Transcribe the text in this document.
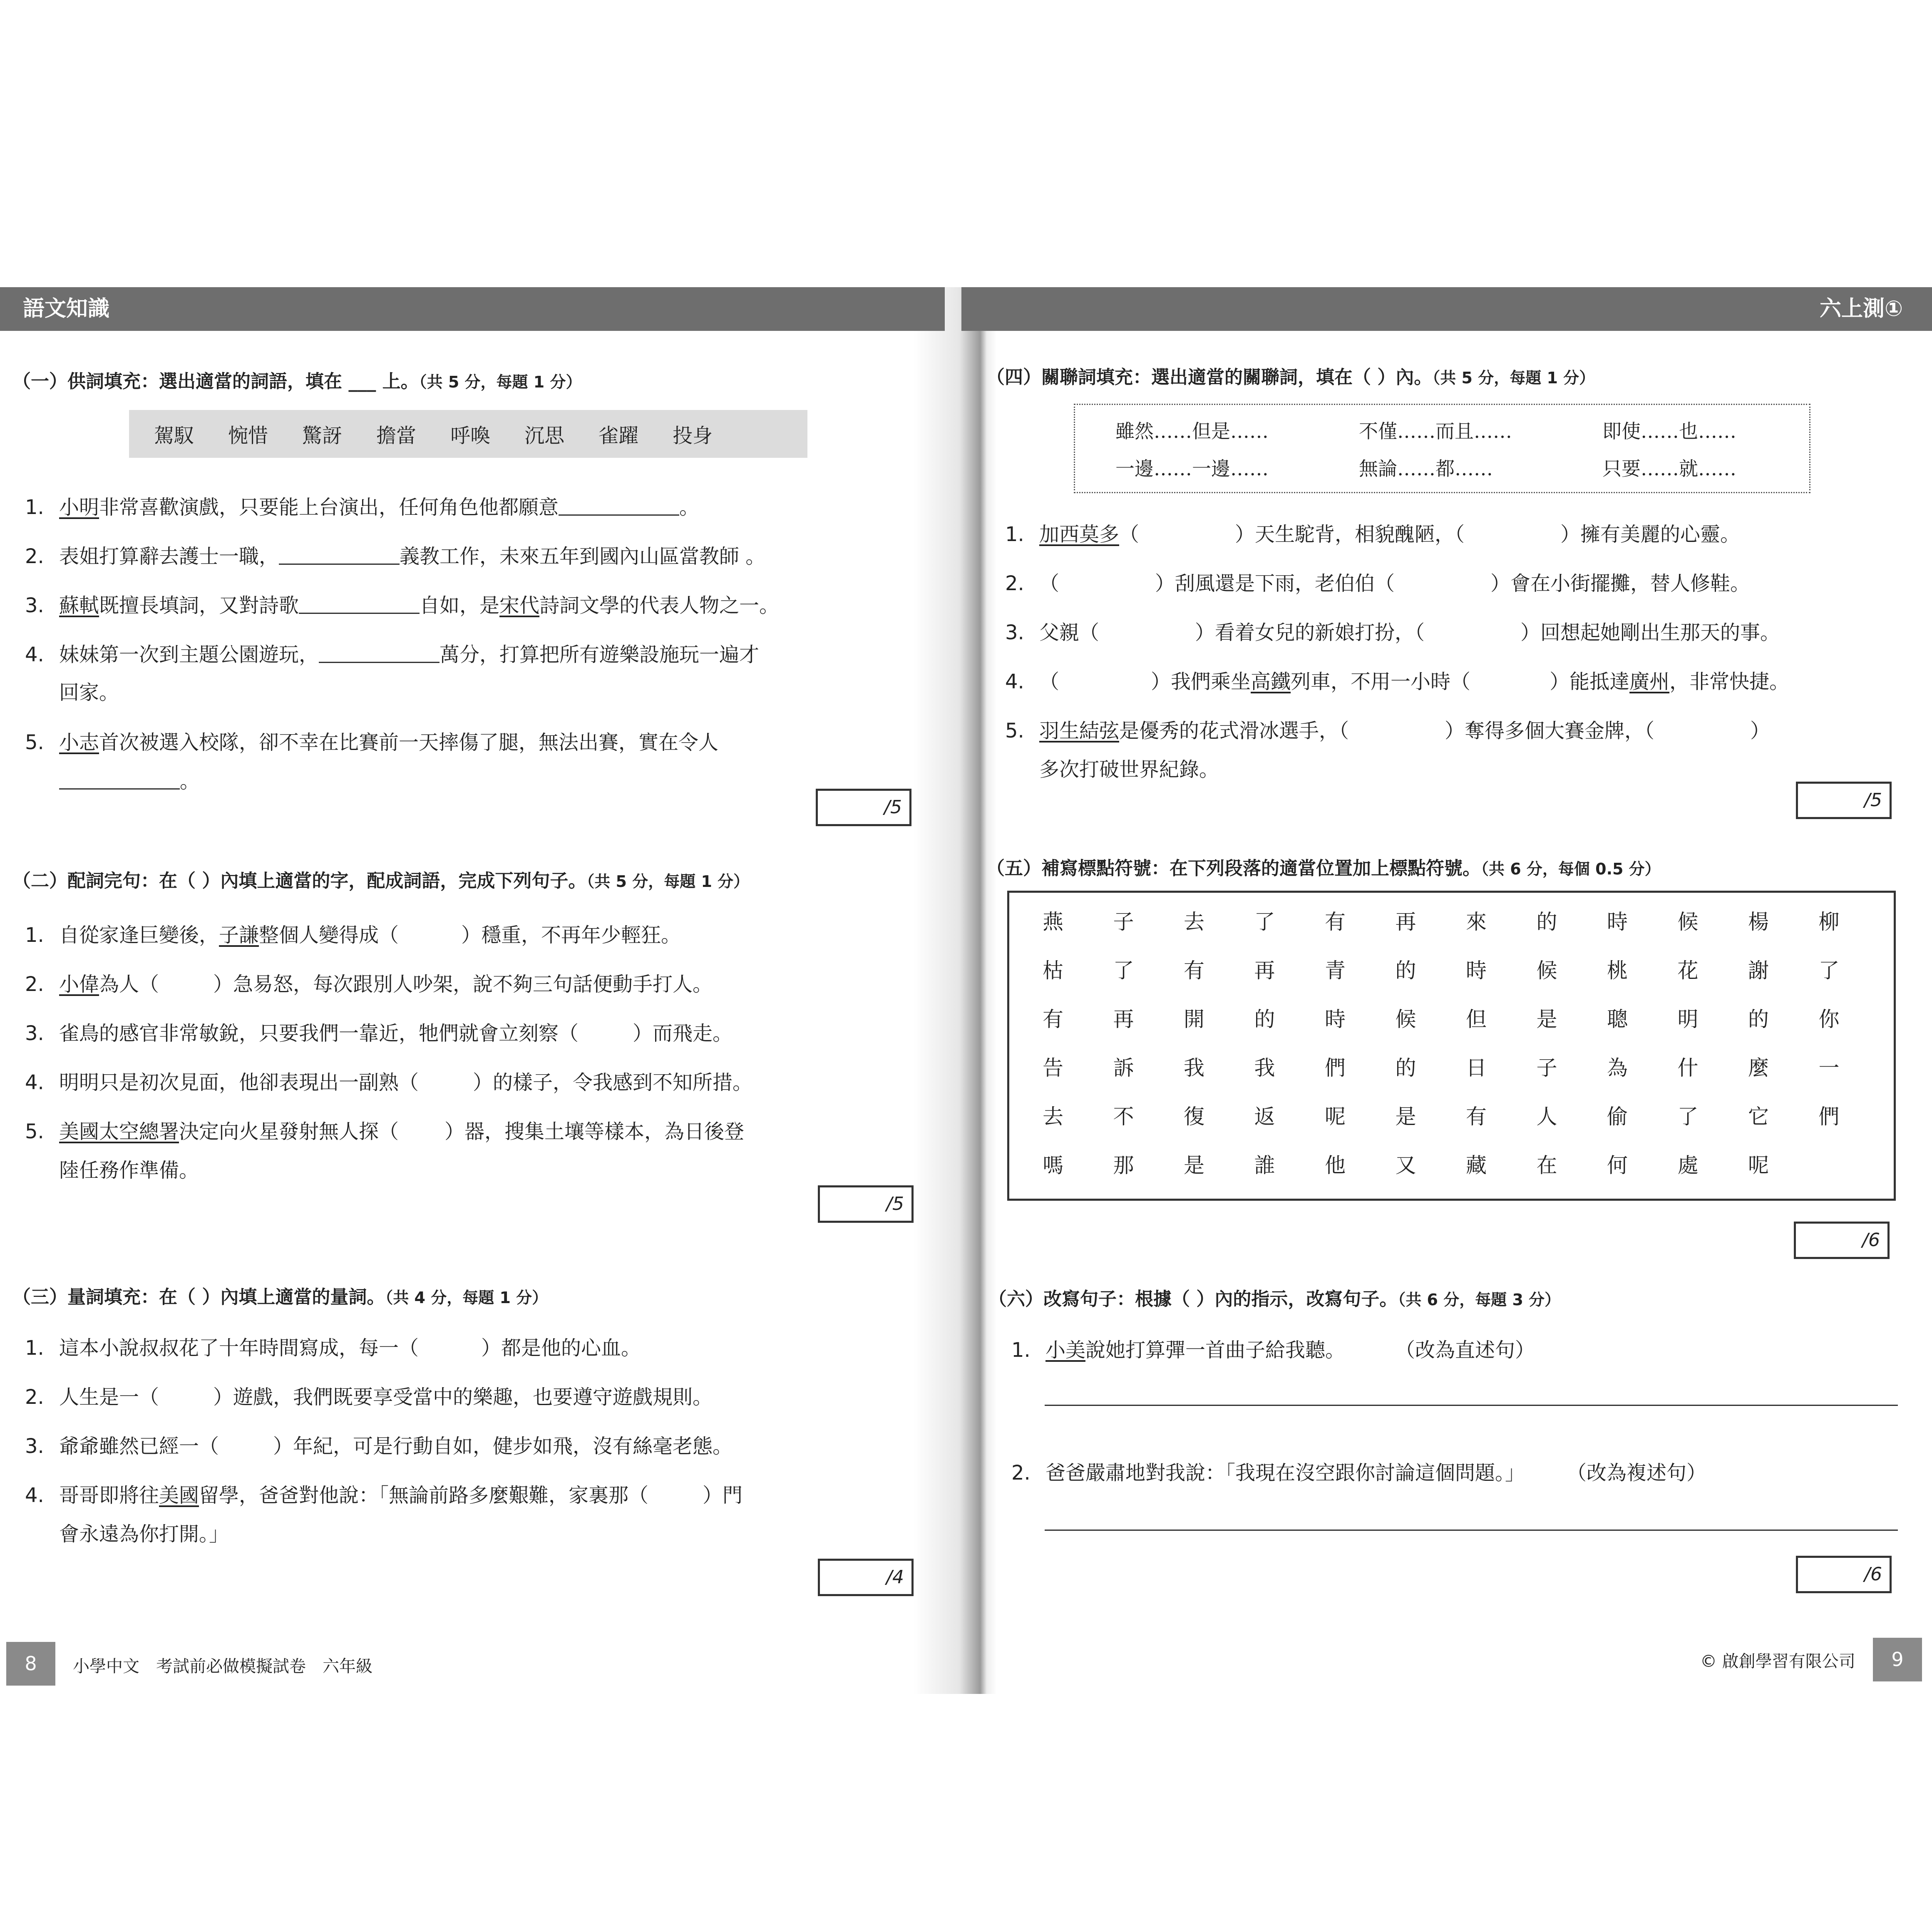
語文知識	六上測①
（一）供詞填充：選出適當的詞語，填在 ___ 上。（共 5 分，每題 1 分）
駕馭 惋惜 驚訝 擔當 呼喚 沉思 雀躍 投身
1. 小明非常喜歡演戲，只要能上台演出，任何角色他都願意	。
2. 表姐打算辭去護士一職，	義教工作，未來五年到國內山區當教師 。
3. 蘇軾既擅長填詞，又對詩歌	自如，是宋代詩詞文學的代表人物之一。
4. 妹妹第一次到主題公園遊玩，	萬分，打算把所有遊樂設施玩一遍才
回家。
5. 小志首次被選入校隊，卻不幸在比賽前一天摔傷了腿，無法出賽，實在令人
。
/5
（二）配詞完句：在（ ）內填上適當的字，配成詞語，完成下列句子。（共 5 分，每題 1 分）
1. 自從家逢巨變後，子謙整個人變得成（	）穩重，不再年少輕狂。
2. 小偉為人（	）急易怒，每次跟別人吵架，說不夠三句話便動手打人。
3. 雀鳥的感官非常敏銳，只要我們一靠近，牠們就會立刻察（	）而飛走。
4. 明明只是初次見面，他卻表現出一副熟（	）的樣子，令我感到不知所措。
5. 美國太空總署決定向火星發射無人探（ ）器，搜集土壤等樣本，為日後登
陸任務作準備。
/5
（三）量詞填充：在（ ）內填上適當的量詞。（共 4 分，每題 1 分）
1. 這本小說叔叔花了十年時間寫成，每一（	）都是他的心血。
2. 人生是一（	）遊戲，我們既要享受當中的樂趣，也要遵守遊戲規則。
3. 爺爺雖然已經一（	）年紀，可是行動自如，健步如飛，沒有絲毫老態。
4. 哥哥即將往美國留學，爸爸對他說：「無論前路多麼艱難，家裏那（	）門
會永遠為你打開。」
/4
8	小學中文　考試前必做模擬試卷　六年級
（四）關聯詞填充：選出適當的關聯詞，填在（ ）內。（共 5 分，每題 1 分）
雖然……但是……	不僅……而且……	即使……也……
一邊……一邊……	無論……都……	只要……就……
1. 加西莫多（	）天生駝背，相貌醜陋，（	）擁有美麗的心靈。
2. （	）刮風還是下雨，老伯伯（	）會在小街擺攤，替人修鞋。
3. 父親（	）看着女兒的新娘打扮，（	）回想起她剛出生那天的事。
4. （	）我們乘坐高鐵列車，不用一小時（	）能抵達廣州，非常快捷。
5. 羽生結弦是優秀的花式滑冰選手，（	）奪得多個大賽金牌，（	）
多次打破世界紀錄。
/5
（五）補寫標點符號：在下列段落的適當位置加上標點符號。（共 6 分，每個 0.5 分）
燕 子 去 了 有 再 來 的 時 候 楊 柳
枯 了 有 再 青 的 時 候 桃 花 謝 了
有 再 開 的 時 候 但 是 聰 明 的 你
告 訴 我 我 們 的 日 子 為 什 麼 一
去 不 復 返 呢 是 有 人 偷 了 它 們
嗎 那 是 誰 他 又 藏 在 何 處 呢
/6
（六）改寫句子：根據（ ）內的指示，改寫句子。（共 6 分，每題 3 分）
1. 小美說她打算彈一首曲子給我聽。	（改為直述句）
2. 爸爸嚴肅地對我說：「我現在沒空跟你討論這個問題。」 （改為複述句）
/6
© 啟創學習有限公司	9
